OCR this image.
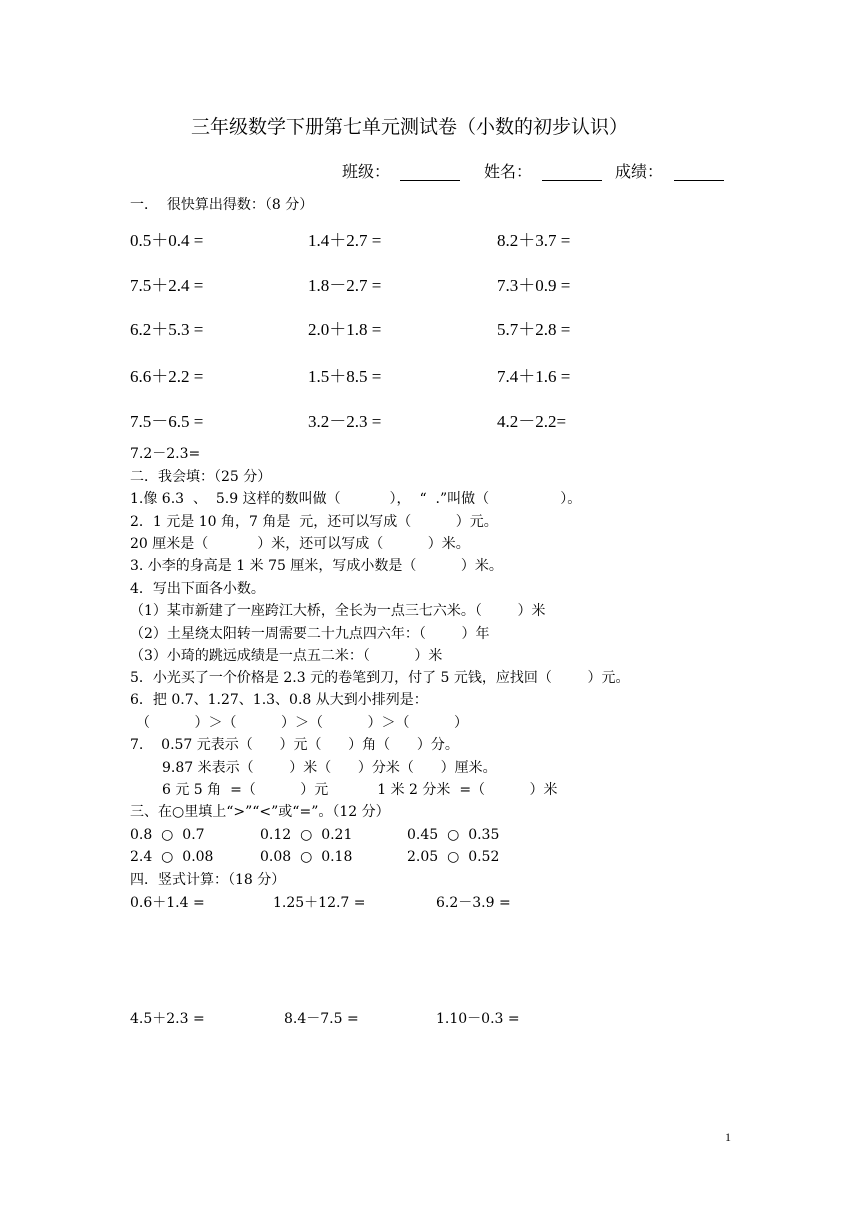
三年级数学下册第七单元测试卷（小数的初步认识）
班级：	姓名：	成绩：
一．  很快算出得数：（8 分）
0.5＋0.4 =	1.4＋2.7 =	8.2＋3.7 =
7.5＋2.4 =	1.8－2.7 =	7.3＋0.9 =
6.2＋5.3 =	2.0＋1.8 =	5.7＋2.8 =
6.6＋2.2 =	1.5＋8.5 =	7.4＋1.6 =
7.5－6.5 =	3.2－2.3 =	4.2－2.2=
7.2－2.3=
二．我会填：（25 分）
1.像 6.3  、  5.9 这样的数叫做（           ），  “  .”叫做（                ）。
2．1 元是 10 角，7 角是  元，还可以写成（          ）元。
20 厘米是（           ）米，还可以写成（          ）米。
3. 小李的身高是 1 米 75 厘米，写成小数是（          ）米。
4．写出下面各小数。
（1）某市新建了一座跨江大桥，全长为一点三七六米。（        ）米
（2）土星绕太阳转一周需要二十九点四六年：（        ）年
（3）小琦的跳远成绩是一点五二米：（          ）米
5．小光买了一个价格是 2.3 元的卷笔到刀，付了 5 元钱，应找回（        ）元。
6．把 0.7、1.27、1.3、0.8 从大到小排列是：
（          ）＞（          ）＞（          ）＞（          ）
7.    0.57 元表示（      ）元（      ）角（      ）分。
9.87 米表示（        ）米（      ）分米（      ）厘米。
6 元 5 角  =（          ）元           1 米 2 分米  =（          ）米
三、在○里填上“>”“<”或“=”。（12 分）
0.8  ○  0.7	0.12  ○  0.21	0.45  ○  0.35
2.4  ○  0.08	0.08  ○  0.18	2.05  ○  0.52
四．竖式计算：（18 分）
0.6＋1.4 =	1.25＋12.7 =	6.2－3.9 =
4.5＋2.3 =	8.4－7.5 =	1.10－0.3 =
1
